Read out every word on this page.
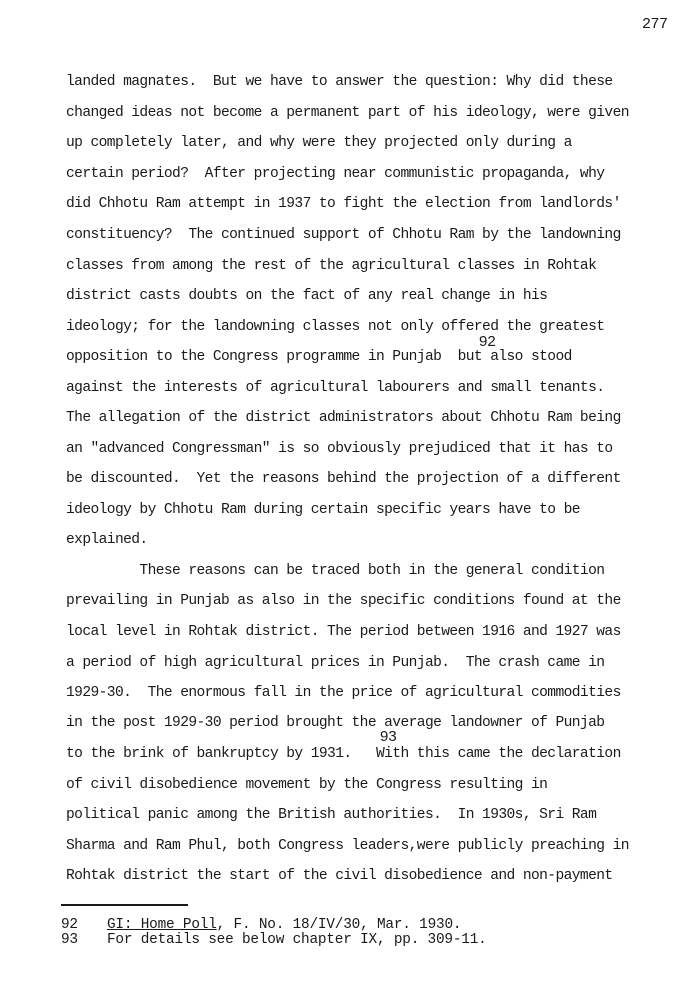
277
landed magnates.  But we have to answer the question: Why did these
changed ideas not become a permanent part of his ideology, were given
up completely later, and why were they projected only during a
certain period?  After projecting near communistic propaganda, why
did Chhotu Ram attempt in 1937 to fight the election from landlords'
constituency?  The continued support of Chhotu Ram by the landowning
classes from among the rest of the agricultural classes in Rohtak
district casts doubts on the fact of any real change in his
ideology; for the landowning classes not only offered the greatest
92
opposition to the Congress programme in Punjab  but also stood
against the interests of agricultural labourers and small tenants.
The allegation of the district administrators about Chhotu Ram being
an "advanced Congressman" is so obviously prejudiced that it has to
be discounted.  Yet the reasons behind the projection of a different
ideology by Chhotu Ram during certain specific years have to be
explained.
These reasons can be traced both in the general condition
prevailing in Punjab as also in the specific conditions found at the
local level in Rohtak district. The period between 1916 and 1927 was
a period of high agricultural prices in Punjab.  The crash came in
1929-30.  The enormous fall in the price of agricultural commodities
in the post 1929-30 period brought the average landowner of Punjab
93
to the brink of bankruptcy by 1931.   With this came the declaration
of civil disobedience movement by the Congress resulting in
political panic among the British authorities.  In 1930s, Sri Ram
Sharma and Ram Phul, both Congress leaders,were publicly preaching in
Rohtak district the start of the civil disobedience and non-payment
92 GI: Home Poll, F. No. 18/IV/30, Mar. 1930.
93 For details see below chapter IX, pp. 309-11.
